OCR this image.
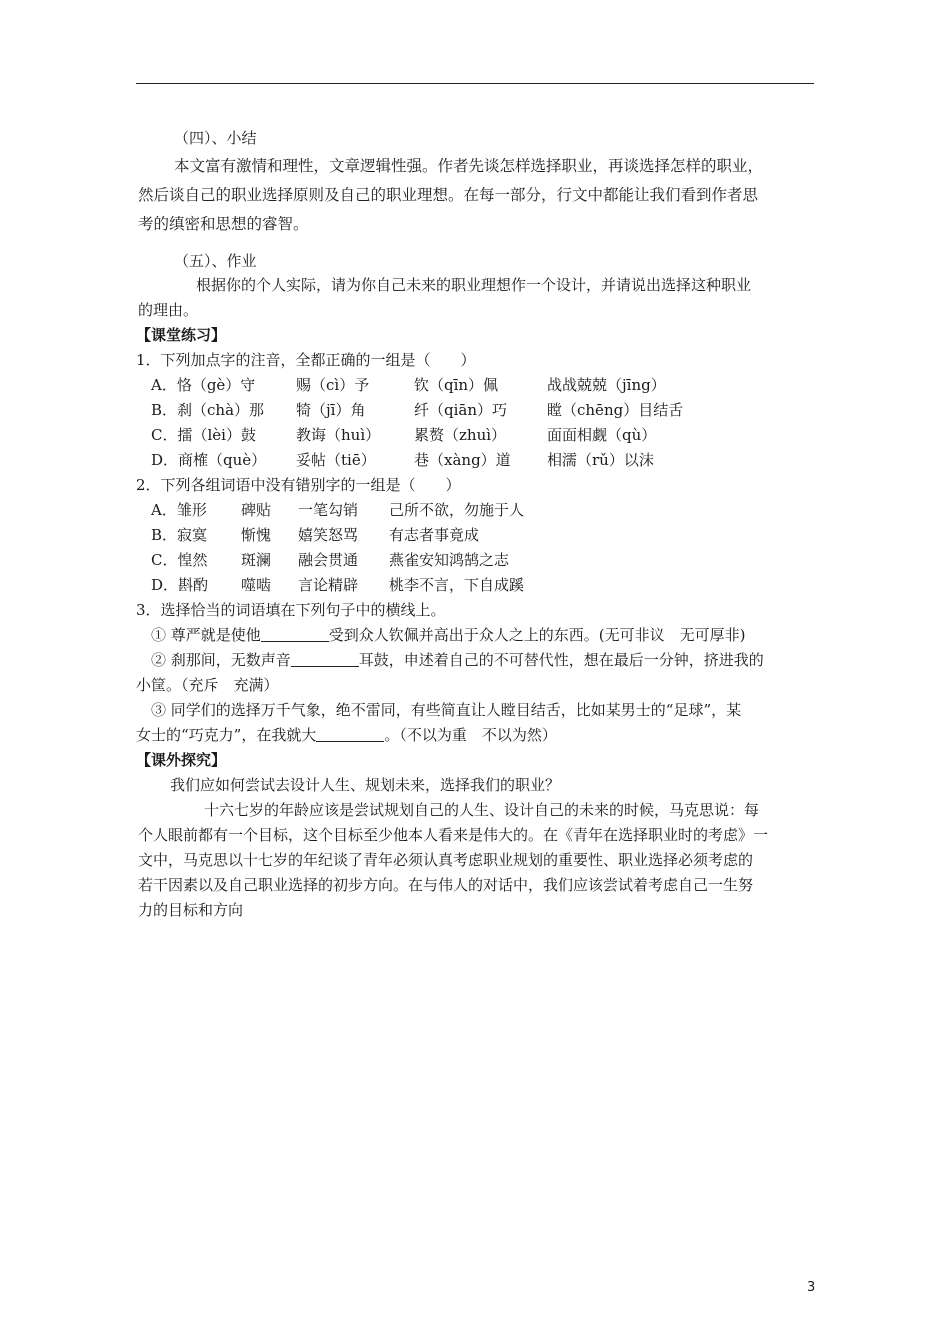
（四）、小结
本文富有激情和理性，文章逻辑性强。作者先谈怎样选择职业，再谈选择怎样的职业，
然后谈自己的职业选择原则及自己的职业理想。在每一部分，行文中都能让我们看到作者思
考的缜密和思想的睿智。
（五）、作业
根据你的个人实际，请为你自己未来的职业理想作一个设计，并请说出选择这种职业
的理由。
【课堂练习】
1．下列加点字的注音，全都正确的一组是（　　）
A．恪（gè）守	赐（cì）予	钦（qīn）佩	战战兢兢（jīng）
B．刹（chà）那 犄（jī）角	纤（qiān）巧	瞠（chēng）目结舌
C．擂（lèi）鼓	教诲（huì） 累赘（zhuì）	面面相觑（qù）
D．商榷（què） 妥帖（tiē）	巷（xàng）道 相濡（rǔ）以沫
2．下列各组词语中没有错别字的一组是（　　）
A．雏形 碑贴 一笔勾销 己所不欲，勿施于人
B．寂寞 惭愧 嬉笑怒骂 有志者事竟成
C．惶然 斑澜 融会贯通 燕雀安知鸿鹄之志
D．斟酌 噬啮 言论精辟 桃李不言，下自成蹊
3．选择恰当的词语填在下列句子中的横线上。
① 尊严就是使他	受到众人钦佩并高出于众人之上的东西。(无可非议　无可厚非)
② 刹那间，无数声音	耳鼓，申述着自己的不可替代性，想在最后一分钟，挤进我的
小筐。（充斥　充满）
③ 同学们的选择万千气象，绝不雷同，有些简直让人瞠目结舌，比如某男士的“足球”，某
女士的“巧克力”，在我就大	。（不以为重　不以为然）
【课外探究】
我们应如何尝试去设计人生、规划未来，选择我们的职业？
十六七岁的年龄应该是尝试规划自己的人生、设计自己的未来的时候，马克思说：每
个人眼前都有一个目标，这个目标至少他本人看来是伟大的。在《青年在选择职业时的考虑》一
文中，马克思以十七岁的年纪谈了青年必须认真考虑职业规划的重要性、职业选择必须考虑的
若干因素以及自己职业选择的初步方向。在与伟人的对话中，我们应该尝试着考虑自己一生努
力的目标和方向
3
